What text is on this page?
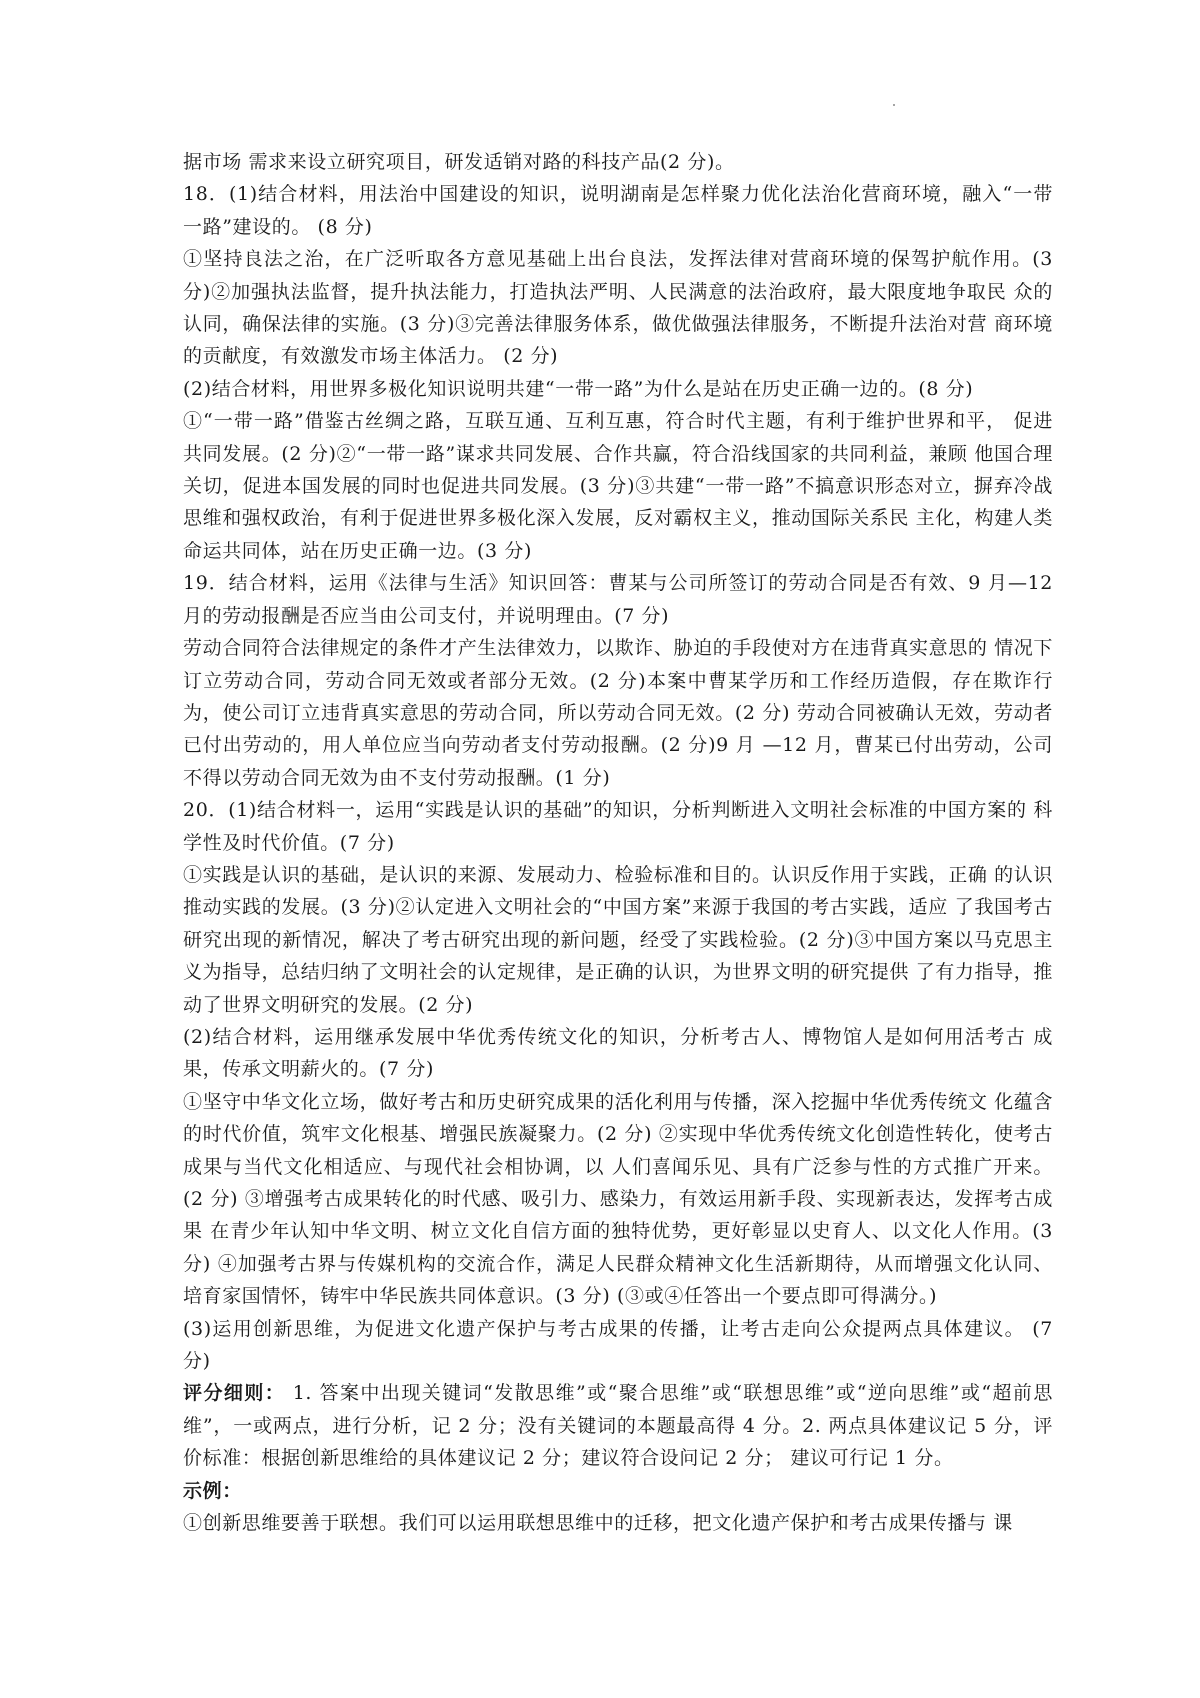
据市场 需求来设立研究项目，研发适销对路的科技产品(2 分)。

18．(1)结合材料，用法治中国建设的知识，说明湖南是怎样聚力优化法治化营商环境，融入“一带 一路”建设的。 (8 分)

①坚持良法之治，在广泛听取各方意见基础上出台良法，发挥法律对营商环境的保驾护航作用。(3 分)②加强执法监督，提升执法能力，打造执法严明、人民满意的法治政府，最大限度地争取民 众的认同，确保法律的实施。(3 分)③完善法律服务体系，做优做强法律服务，不断提升法治对营 商环境的贡献度，有效激发市场主体活力。 (2 分)

(2)结合材料，用世界多极化知识说明共建“一带一路”为什么是站在历史正确一边的。(8 分)

①“一带一路”借鉴古丝绸之路，互联互通、互利互惠，符合时代主题，有利于维护世界和平， 促进共同发展。(2 分)②“一带一路”谋求共同发展、合作共赢，符合沿线国家的共同利益，兼顾 他国合理关切，促进本国发展的同时也促进共同发展。(3 分)③共建“一带一路”不搞意识形态对立，摒弃冷战思维和强权政治，有利于促进世界多极化深入发展，反对霸权主义，推动国际关系民 主化，构建人类命运共同体，站在历史正确一边。(3 分)

19．结合材料，运用《法律与生活》知识回答：曹某与公司所签订的劳动合同是否有效、9 月—12 月的劳动报酬是否应当由公司支付，并说明理由。(7 分)

劳动合同符合法律规定的条件才产生法律效力，以欺诈、胁迫的手段使对方在违背真实意思的 情况下订立劳动合同，劳动合同无效或者部分无效。(2 分)本案中曹某学历和工作经历造假，存在欺诈行为，使公司订立违背真实意思的劳动合同，所以劳动合同无效。(2 分) 劳动合同被确认无效，劳动者已付出劳动的，用人单位应当向劳动者支付劳动报酬。(2 分)9 月 —12 月，曹某已付出劳动，公司不得以劳动合同无效为由不支付劳动报酬。(1 分)

20．(1)结合材料一，运用“实践是认识的基础”的知识，分析判断进入文明社会标准的中国方案的 科学性及时代价值。(7 分)

①实践是认识的基础，是认识的来源、发展动力、检验标准和目的。认识反作用于实践，正确 的认识推动实践的发展。(3 分)②认定进入文明社会的“中国方案”来源于我国的考古实践，适应 了我国考古研究出现的新情况，解决了考古研究出现的新问题，经受了实践检验。(2 分)③中国方案以马克思主义为指导，总结归纳了文明社会的认定规律，是正确的认识，为世界文明的研究提供 了有力指导，推动了世界文明研究的发展。(2 分)

(2)结合材料，运用继承发展中华优秀传统文化的知识，分析考古人、博物馆人是如何用活考古 成果，传承文明薪火的。(7 分)

①坚守中华文化立场，做好考古和历史研究成果的活化利用与传播，深入挖掘中华优秀传统文 化蕴含的时代价值，筑牢文化根基、增强民族凝聚力。(2 分) ②实现中华优秀传统文化创造性转化，使考古成果与当代文化相适应、与现代社会相协调，以 人们喜闻乐见、具有广泛参与性的方式推广开来。(2 分) ③增强考古成果转化的时代感、吸引力、感染力，有效运用新手段、实现新表达，发挥考古成果 在青少年认知中华文明、树立文化自信方面的独特优势，更好彰显以史育人、以文化人作用。(3 分) ④加强考古界与传媒机构的交流合作，满足人民群众精神文化生活新期待，从而增强文化认同、 培育家国情怀，铸牢中华民族共同体意识。(3 分) (③或④任答出一个要点即可得满分。)

(3)运用创新思维，为促进文化遗产保护与考古成果的传播，让考古走向公众提两点具体建议。 (7 分)

评分细则： 1. 答案中出现关键词“发散思维”或“聚合思维”或“联想思维”或“逆向思维”或“超前思维”，一或两点，进行分析，记 2 分；没有关键词的本题最高得 4 分。2. 两点具体建议记 5 分，评价标准：根据创新思维给的具体建议记 2 分；建议符合设问记 2 分； 建议可行记 1 分。

示例：

①创新思维要善于联想。我们可以运用联想思维中的迁移，把文化遗产保护和考古成果传播与 课
